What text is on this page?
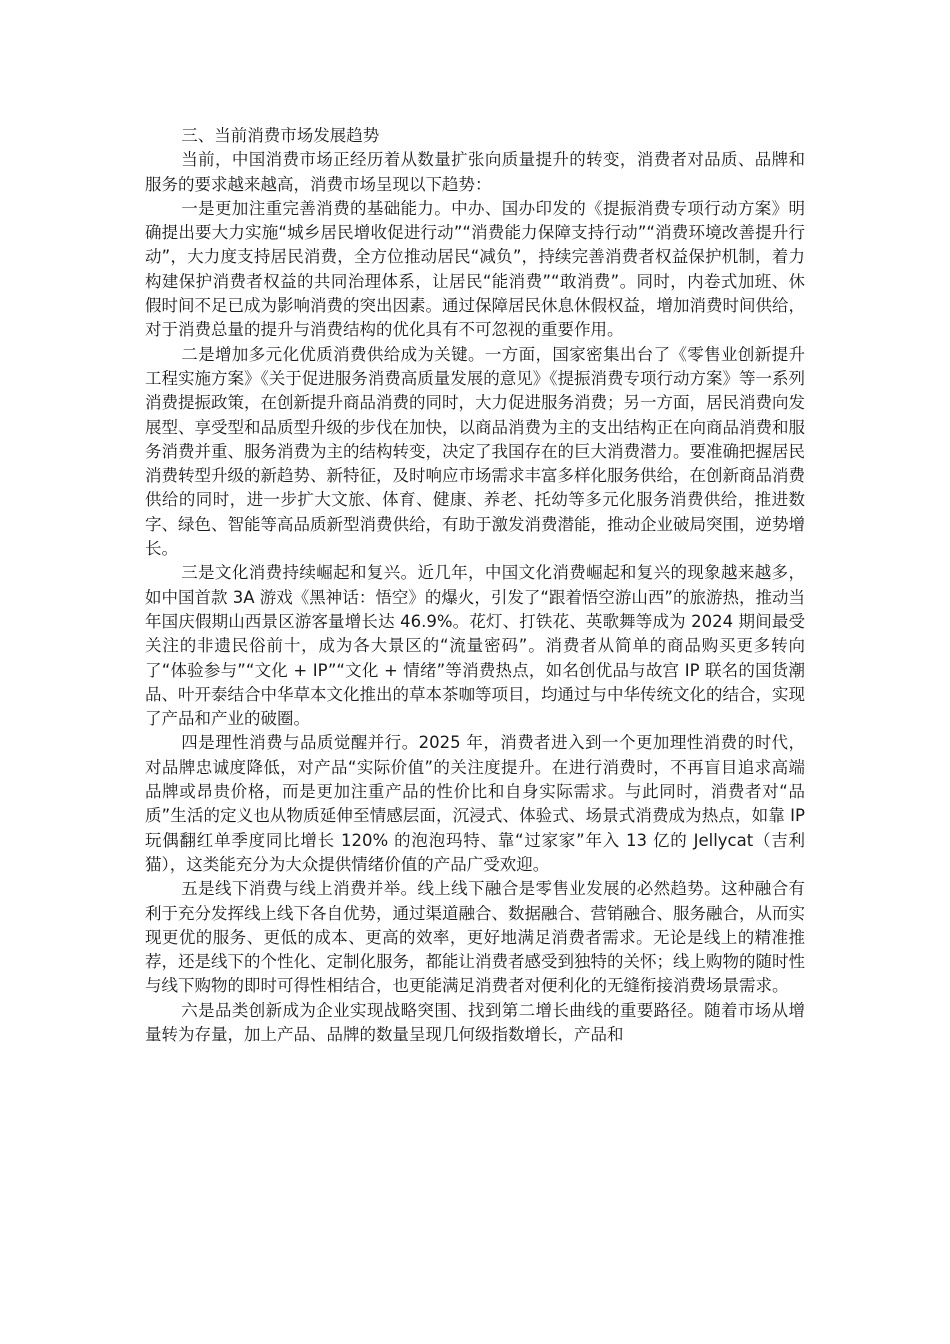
三、当前消费市场发展趋势

当前，中国消费市场正经历着从数量扩张向质量提升的转变，消费者对品质、品牌和服务的要求越来越高，消费市场呈现以下趋势：

一是更加注重完善消费的基础能力。中办、国办印发的《提振消费专项行动方案》明确提出要大力实施“城乡居民增收促进行动”“消费能力保障支持行动”“消费环境改善提升行动”，大力度支持居民消费，全方位推动居民“减负”，持续完善消费者权益保护机制，着力构建保护消费者权益的共同治理体系，让居民“能消费”“敢消费”。同时，内卷式加班、休假时间不足已成为影响消费的突出因素。通过保障居民休息休假权益，增加消费时间供给，对于消费总量的提升与消费结构的优化具有不可忽视的重要作用。

二是增加多元化优质消费供给成为关键。一方面，国家密集出台了《零售业创新提升工程实施方案》《关于促进服务消费高质量发展的意见》《提振消费专项行动方案》等一系列消费提振政策，在创新提升商品消费的同时，大力促进服务消费；另一方面，居民消费向发展型、享受型和品质型升级的步伐在加快，以商品消费为主的支出结构正在向商品消费和服务消费并重、服务消费为主的结构转变，决定了我国存在的巨大消费潜力。要准确把握居民消费转型升级的新趋势、新特征，及时响应市场需求丰富多样化服务供给，在创新商品消费供给的同时，进一步扩大文旅、体育、健康、养老、托幼等多元化服务消费供给，推进数字、绿色、智能等高品质新型消费供给，有助于激发消费潜能，推动企业破局突围，逆势增长。

三是文化消费持续崛起和复兴。近几年，中国文化消费崛起和复兴的现象越来越多，如中国首款 3A 游戏《黑神话：悟空》的爆火，引发了“跟着悟空游山西”的旅游热，推动当年国庆假期山西景区游客量增长达 46.9%。花灯、打铁花、英歌舞等成为 2024 期间最受关注的非遗民俗前十，成为各大景区的“流量密码”。消费者从简单的商品购买更多转向了“体验参与”“文化 + IP”“文化 + 情绪”等消费热点，如名创优品与故宫 IP 联名的国货潮品、叶开泰结合中华草本文化推出的草本茶咖等项目，均通过与中华传统文化的结合，实现了产品和产业的破圈。

四是理性消费与品质觉醒并行。2025 年，消费者进入到一个更加理性消费的时代，对品牌忠诚度降低，对产品“实际价值”的关注度提升。在进行消费时，不再盲目追求高端品牌或昂贵价格，而是更加注重产品的性价比和自身实际需求。与此同时，消费者对“品质”生活的定义也从物质延伸至情感层面，沉浸式、体验式、场景式消费成为热点，如靠 IP 玩偶翻红单季度同比增长 120% 的泡泡玛特、靠“过家家”年入 13 亿的 Jellycat（吉利猫），这类能充分为大众提供情绪价值的产品广受欢迎。

五是线下消费与线上消费并举。线上线下融合是零售业发展的必然趋势。这种融合有利于充分发挥线上线下各自优势，通过渠道融合、数据融合、营销融合、服务融合，从而实现更优的服务、更低的成本、更高的效率，更好地满足消费者需求。无论是线上的精准推荐，还是线下的个性化、定制化服务，都能让消费者感受到独特的关怀；线上购物的随时性与线下购物的即时可得性相结合，也更能满足消费者对便利化的无缝衔接消费场景需求。

六是品类创新成为企业实现战略突围、找到第二增长曲线的重要路径。随着市场从增量转为存量，加上产品、品牌的数量呈现几何级指数增长，产品和
